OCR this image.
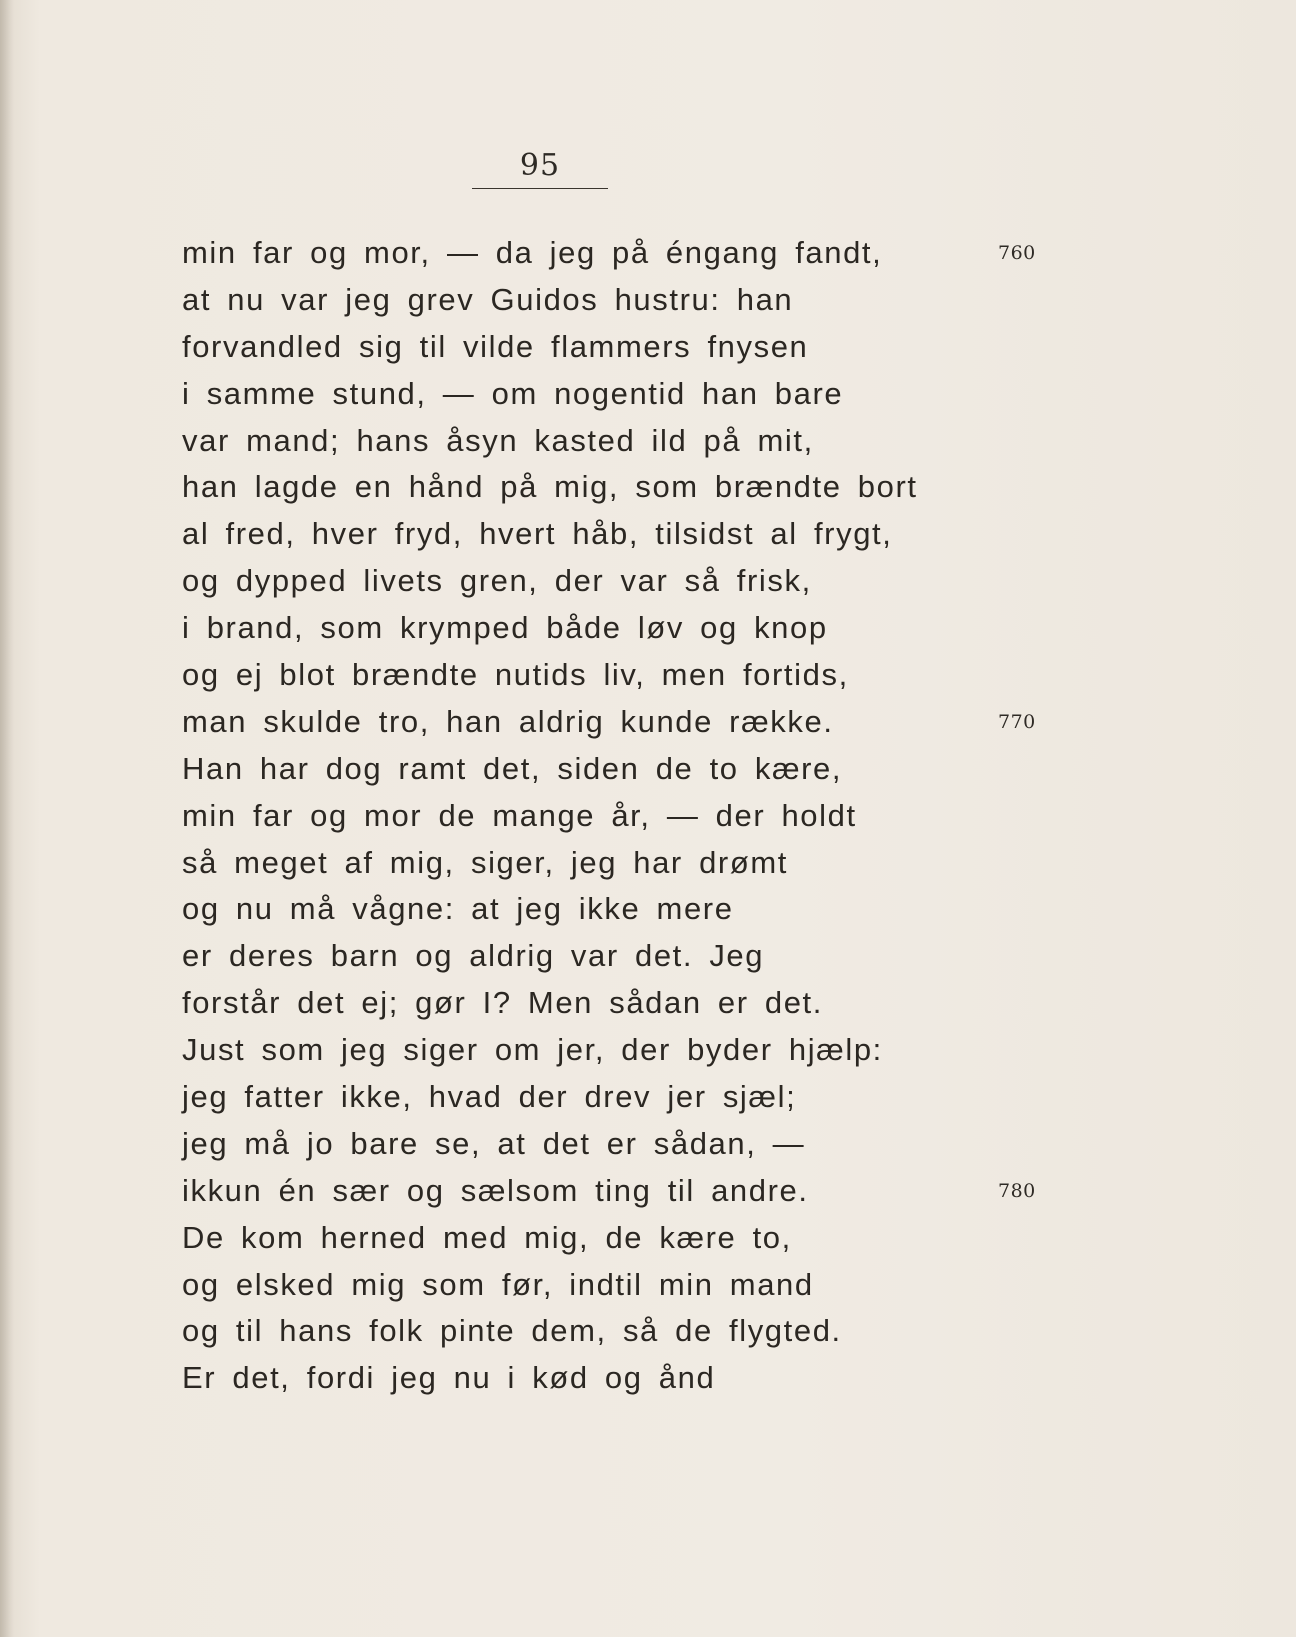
95
min far og mor, — da jeg på éngang fandt,
at nu var jeg grev Guidos hustru: han
forvandled sig til vilde flammers fnysen
i samme stund, — om nogentid han bare
var mand; hans åsyn kasted ild på mit,
han lagde en hånd på mig, som brændte bort
al fred, hver fryd, hvert håb, tilsidst al frygt,
og dypped livets gren, der var så frisk,
i brand, som krymped både løv og knop
og ej blot brændte nutids liv, men fortids,
man skulde tro, han aldrig kunde række.
Han har dog ramt det, siden de to kære,
min far og mor de mange år, — der holdt
så meget af mig, siger, jeg har drømt
og nu må vågne: at jeg ikke mere
er deres barn og aldrig var det. Jeg
forstår det ej; gør I? Men sådan er det.
Just som jeg siger om jer, der byder hjælp:
jeg fatter ikke, hvad der drev jer sjæl;
jeg må jo bare se, at det er sådan, —
ikkun én sær og sælsom ting til andre.
De kom herned med mig, de kære to,
og elsked mig som før, indtil min mand
og til hans folk pinte dem, så de flygted.
Er det, fordi jeg nu i kød og ånd
760
770
780
